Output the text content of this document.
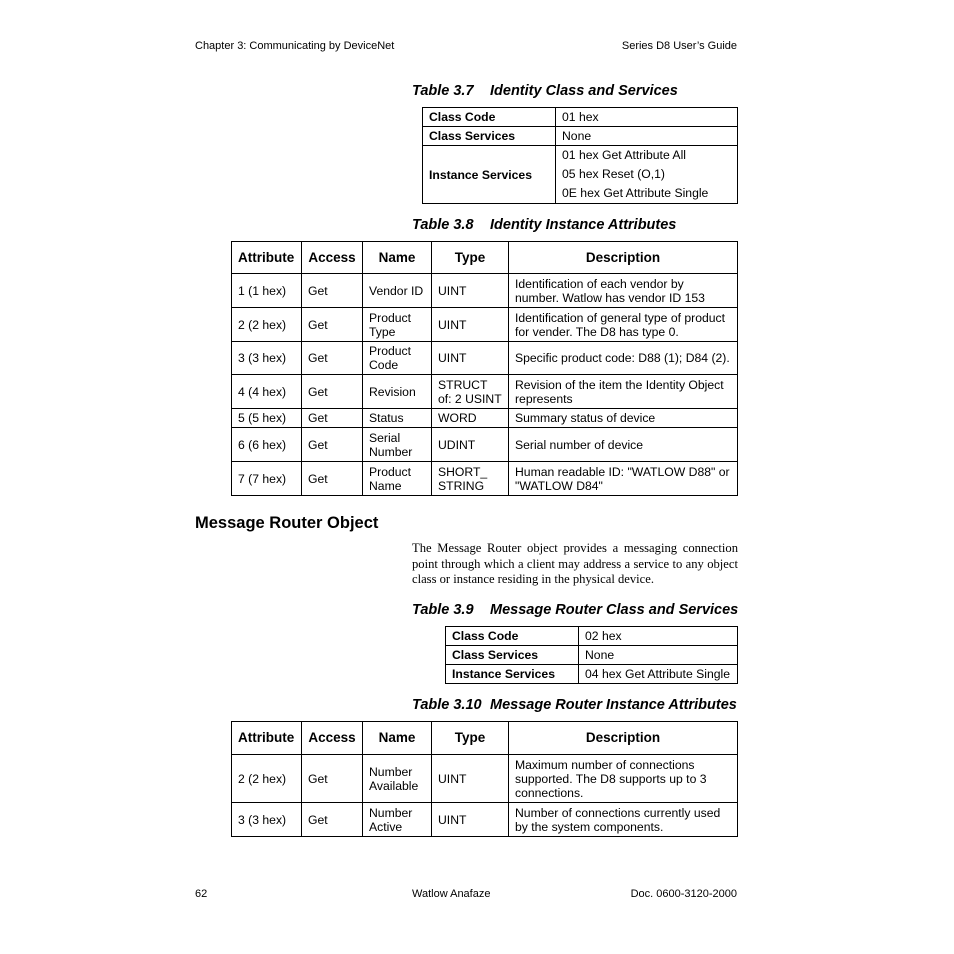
Chapter 3: Communicating by DeviceNet	Series D8 User’s Guide
Table 3.7 Identity Class and Services
Class Code	01 hex
Class Services	None
Instance Services	01 hex Get Attribute All
05 hex Reset (O,1)
0E hex Get Attribute Single
Table 3.8 Identity Instance Attributes
Attribute	Access	Name	Type	Description
1 (1 hex)	Get	Vendor ID	UINT	Identification of each vendor by number. Watlow has vendor ID 153
2 (2 hex)	Get	Product Type	UINT	Identification of general type of product for vender. The D8 has type 0.
3 (3 hex)	Get	Product Code	UINT	Specific product code: D88 (1); D84 (2).
4 (4 hex)	Get	Revision	STRUCT of: 2 USINT	Revision of the item the Identity Object represents
5 (5 hex)	Get	Status	WORD	Summary status of device
6 (6 hex)	Get	Serial Number	UDINT	Serial number of device
7 (7 hex)	Get	Product Name	SHORT_ STRING	Human readable ID: "WATLOW D88" or "WATLOW D84"
Message Router Object
The Message Router object provides a messaging connection point through which a client may address a service to any object class or instance residing in the physical device.
Table 3.9 Message Router Class and Services
Class Code	02 hex
Class Services	None
Instance Services	04 hex Get Attribute Single
Table 3.10 Message Router Instance Attributes
Attribute	Access	Name	Type	Description
2 (2 hex)	Get	Number Available	UINT	Maximum number of connections supported. The D8 supports up to 3 connections.
3 (3 hex)	Get	Number Active	UINT	Number of connections currently used by the system components.
62	Watlow Anafaze	Doc. 0600-3120-2000
